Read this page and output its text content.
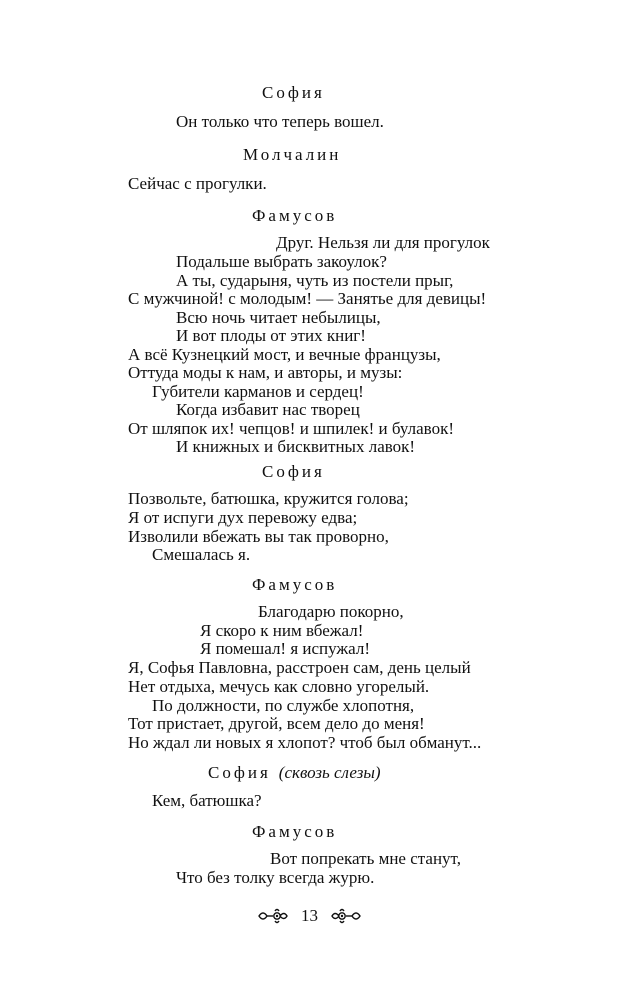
София
Он только что теперь вошел.
Молчалин
Сейчас с прогулки.
Фамусов
Друг. Нельзя ли для прогулок
Подальше выбрать закоулок?
А ты, сударыня, чуть из постели прыг,
С мужчиной! с молодым! — Занятье для девицы!
Всю ночь читает небылицы,
И вот плоды от этих книг!
А всё Кузнецкий мост, и вечные французы,
Оттуда моды к нам, и авторы, и музы:
Губители карманов и сердец!
Когда избавит нас творец
От шляпок их! чепцов! и шпилек! и булавок!
И книжных и бисквитных лавок!
София
Позвольте, батюшка, кружится голова;
Я от испуги дух перевожу едва;
Изволили вбежать вы так проворно,
Смешалась я.
Фамусов
Благодарю покорно,
Я скоро к ним вбежал!
Я помешал! я испужал!
Я, Софья Павловна, расстроен сам, день целый
Нет отдыха, мечусь как словно угорелый.
По должности, по службе хлопотня,
Тот пристает, другой, всем дело до меня!
Но ждал ли новых я хлопот? чтоб был обманут...
София (сквозь слезы)
Кем, батюшка?
Фамусов
Вот попрекать мне станут,
Что без толку всегда журю.
13
